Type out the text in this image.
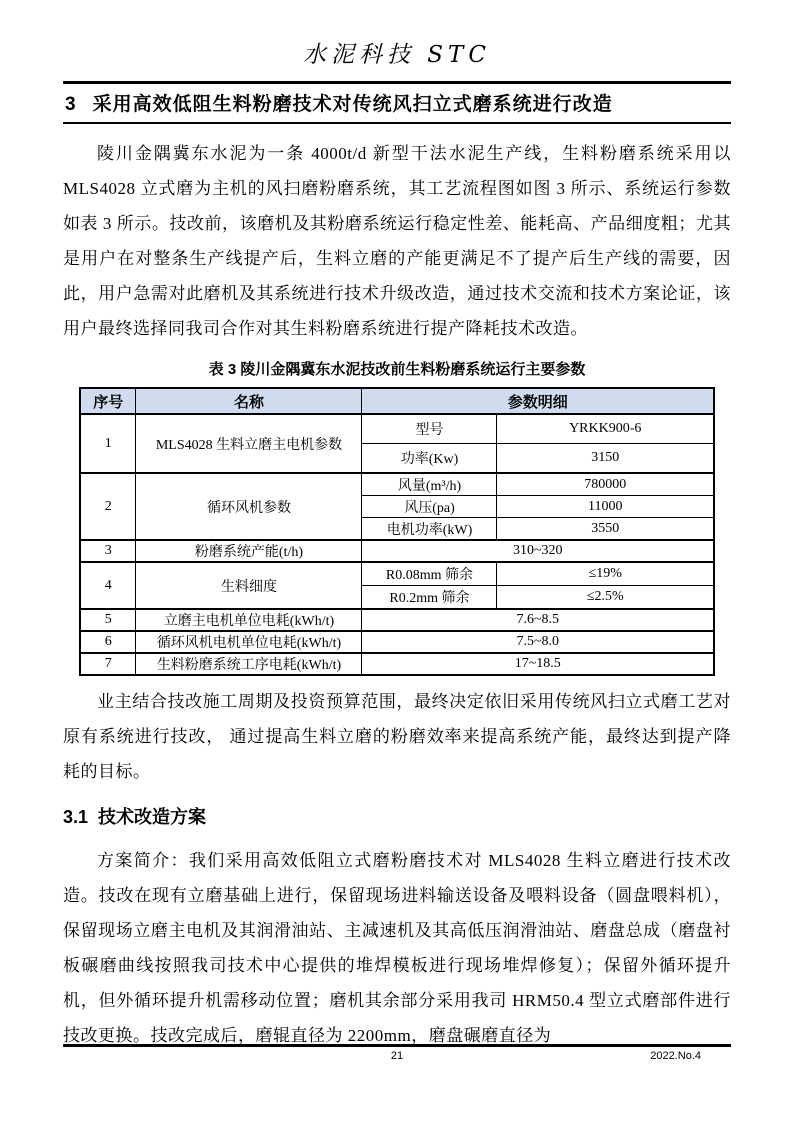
水泥科技 STC
3 采用高效低阻生料粉磨技术对传统风扫立式磨系统进行改造

陵川金隅冀东水泥为一条 4000t/d 新型干法水泥生产线，生料粉磨系统采用以 MLS4028 立式磨为主机的风扫磨粉磨系统，其工艺流程图如图 3 所示、系统运行参数如表 3 所示。技改前，该磨机及其粉磨系统运行稳定性差、能耗高、产品细度粗；尤其是用户在对整条生产线提产后，生料立磨的产能更满足不了提产后生产线的需要，因此，用户急需对此磨机及其系统进行技术升级改造，通过技术交流和技术方案论证，该用户最终选择同我司合作对其生料粉磨系统进行提产降耗技术改造。

表 3 陵川金隅冀东水泥技改前生料粉磨系统运行主要参数
序号	名称	参数明细	
1	MLS4028 生料立磨主电机参数	型号	YRKK900-6
		功率(Kw)	3150
2	循环风机参数	风量(m³/h)	780000
		风压(pa)	11000
		电机功率(kW)	3550
3	粉磨系统产能(t/h)	310~320	
4	生料细度	R0.08mm 筛余	≤19%
		R0.2mm 筛余	≤2.5%
5	立磨主电机单位电耗(kWh/t)	7.6~8.5	
6	循环风机电机单位电耗(kWh/t)	7.5~8.0	
7	生料粉磨系统工序电耗(kWh/t)	17~18.5	

业主结合技改施工周期及投资预算范围，最终决定依旧采用传统风扫立式磨工艺对原有系统进行技改， 通过提高生料立磨的粉磨效率来提高系统产能，最终达到提产降耗的目标。

3.1 技术改造方案

方案简介：我们采用高效低阻立式磨粉磨技术对 MLS4028 生料立磨进行技术改造。技改在现有立磨基础上进行，保留现场进料输送设备及喂料设备（圆盘喂料机），保留现场立磨主电机及其润滑油站、主减速机及其高低压润滑油站、磨盘总成（磨盘衬板碾磨曲线按照我司技术中心提供的堆焊模板进行现场堆焊修复）；保留外循环提升机，但外循环提升机需移动位置；磨机其余部分采用我司 HRM50.4 型立式磨部件进行技改更换。技改完成后，磨辊直径为 2200mm，磨盘碾磨直径为

21	2022.No.4
